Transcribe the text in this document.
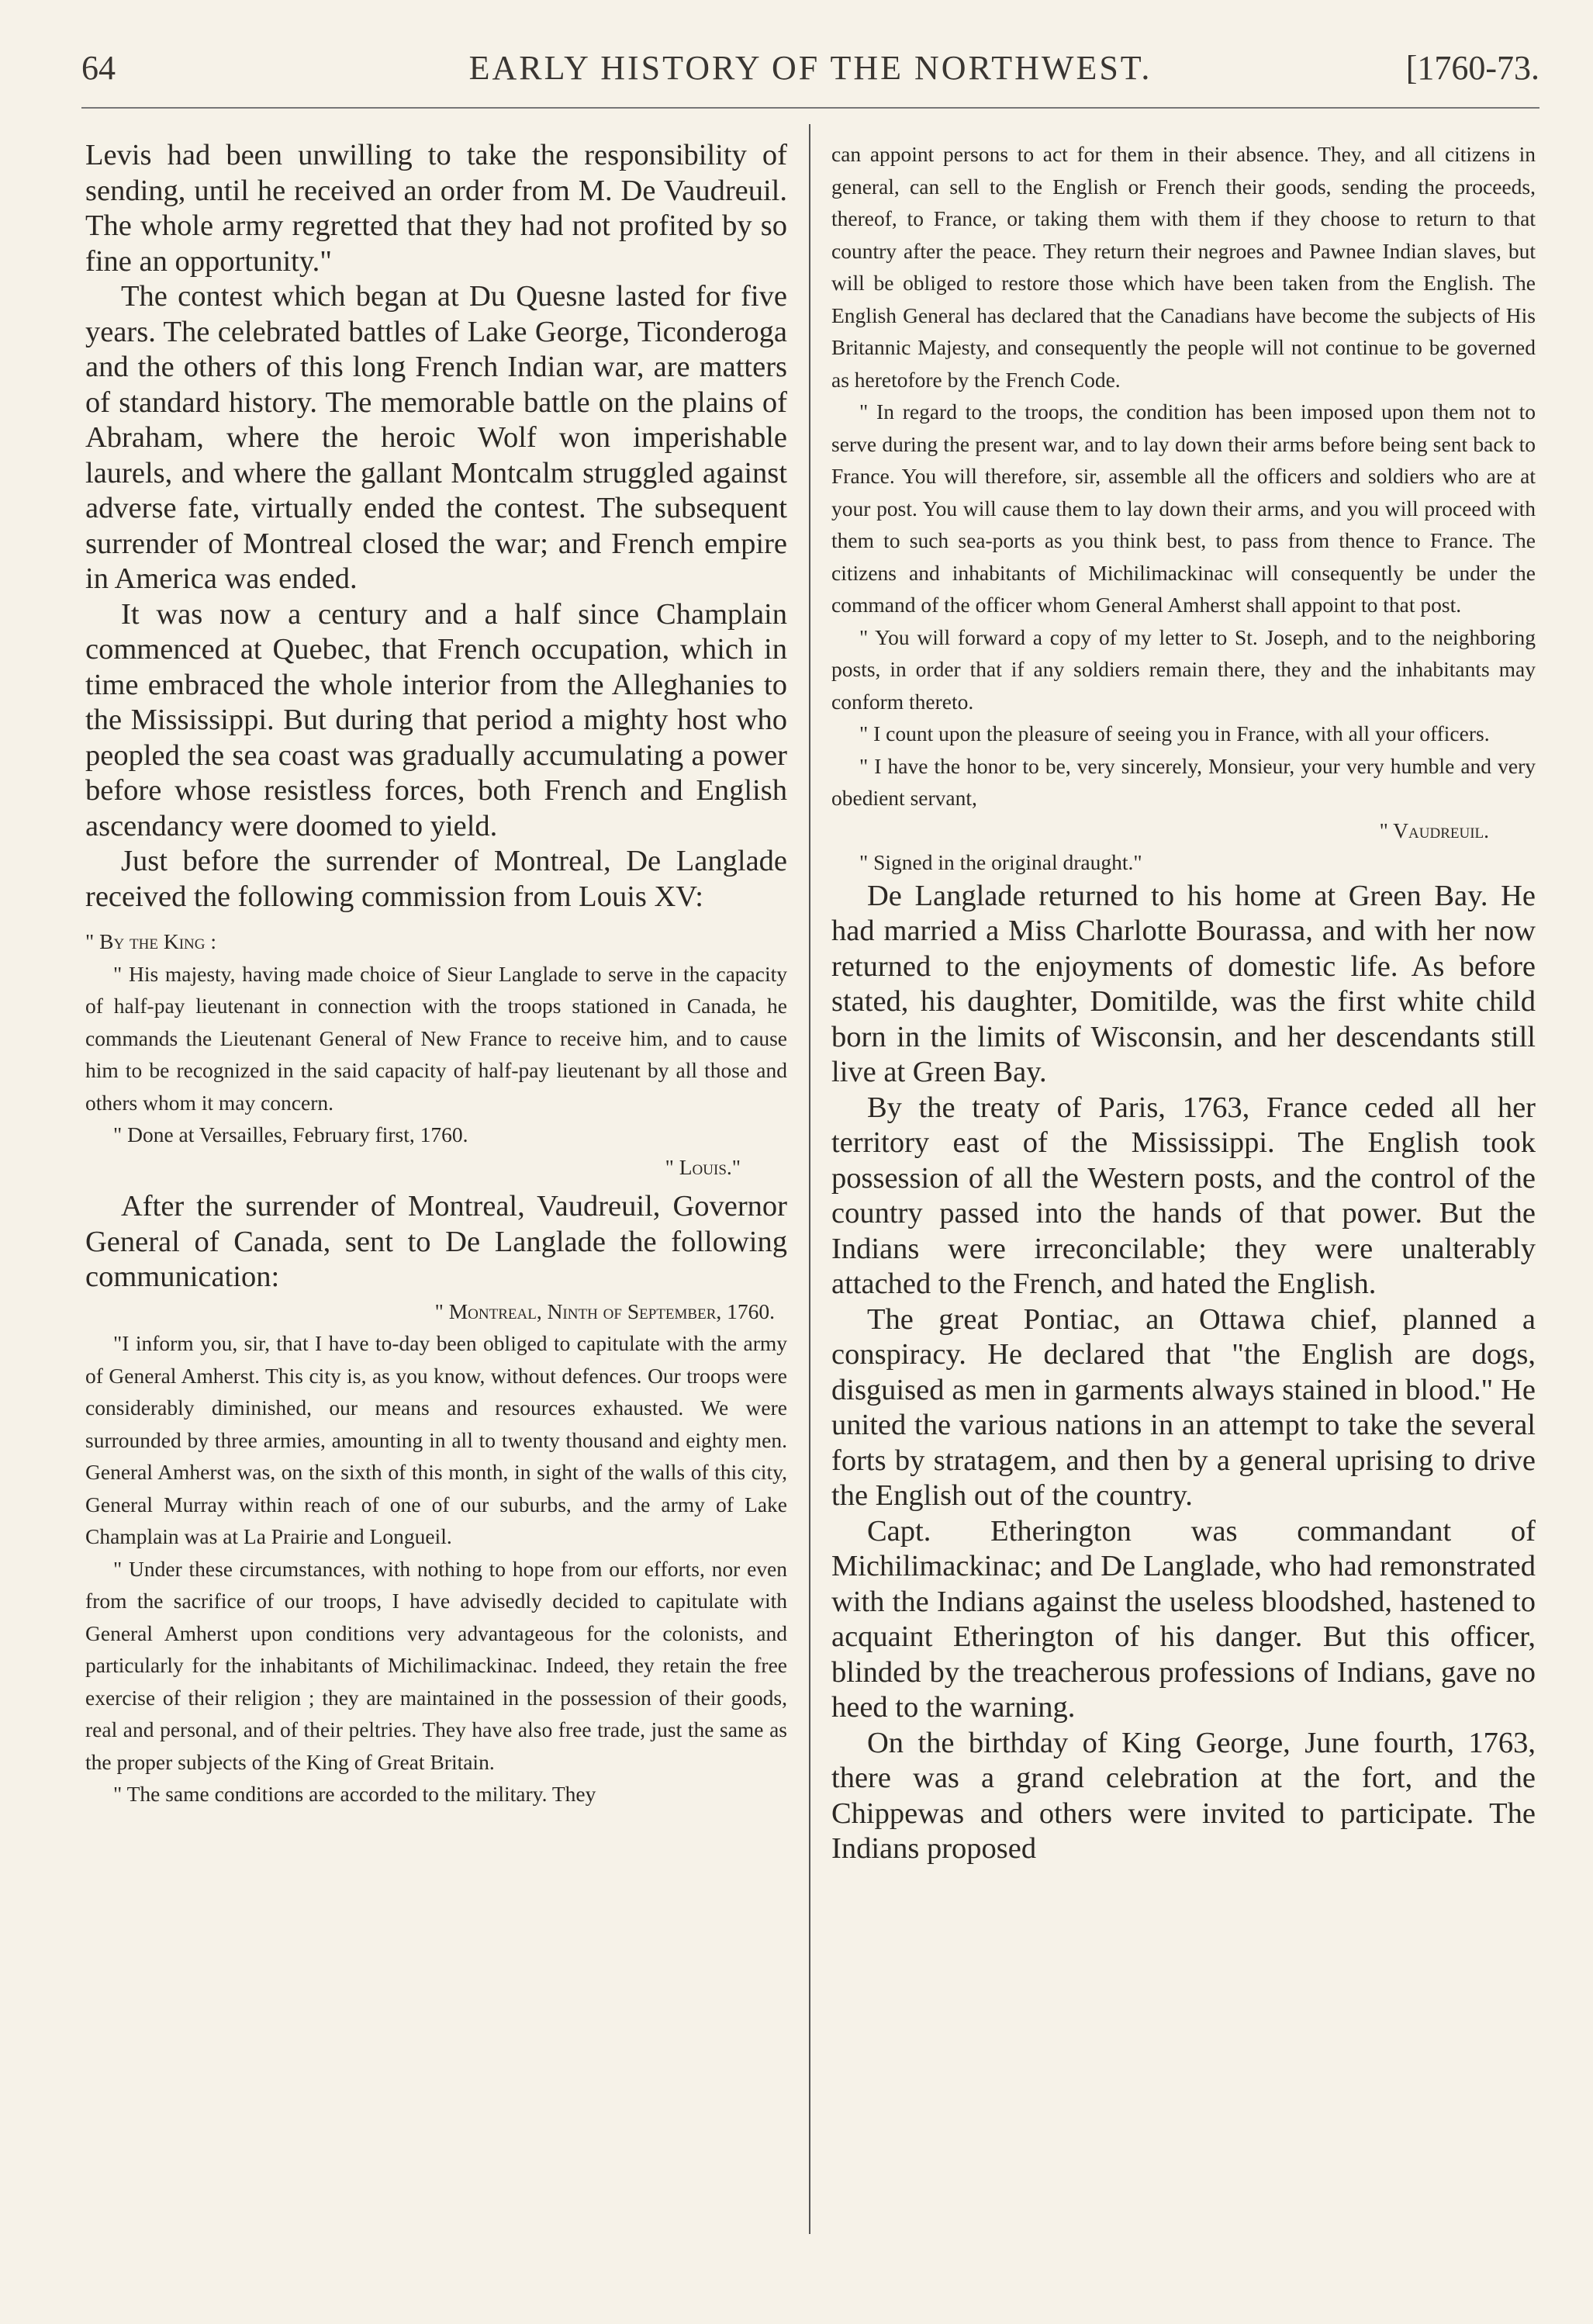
64	EARLY HISTORY OF THE NORTHWEST.	[1760-73.

Levis had been unwilling to take the responsibility of sending, until he received an order from M. De Vaudreuil. The whole army regretted that they had not profited by so fine an opportunity."

The contest which began at Du Quesne lasted for five years. The celebrated battles of Lake George, Ticonderoga and the others of this long French Indian war, are matters of standard history. The memorable battle on the plains of Abraham, where the heroic Wolf won imperishable laurels, and where the gallant Montcalm struggled against adverse fate, virtually ended the contest. The subsequent surrender of Montreal closed the war; and French empire in America was ended.

It was now a century and a half since Champlain commenced at Quebec, that French occupation, which in time embraced the whole interior from the Alleghanies to the Mississippi. But during that period a mighty host who peopled the sea coast was gradually accumulating a power before whose resistless forces, both French and English ascendancy were doomed to yield.

Just before the surrender of Montreal, De Langlade received the following commission from Louis XV:

" By the King :

" His majesty, having made choice of Sieur Langlade to serve in the capacity of half-pay lieutenant in connection with the troops stationed in Canada, he commands the Lieutenant General of New France to receive him, and to cause him to be recognized in the said capacity of half-pay lieutenant by all those and others whom it may concern.

" Done at Versailles, February first, 1760.

" Louis."

After the surrender of Montreal, Vaudreuil, Governor General of Canada, sent to De Langlade the following communication:

" Montreal, Ninth of September, 1760.

"I inform you, sir, that I have to-day been obliged to capitulate with the army of General Amherst. This city is, as you know, without defences. Our troops were considerably diminished, our means and resources exhausted. We were surrounded by three armies, amounting in all to twenty thousand and eighty men. General Amherst was, on the sixth of this month, in sight of the walls of this city, General Murray within reach of one of our suburbs, and the army of Lake Champlain was at La Prairie and Longueil.

" Under these circumstances, with nothing to hope from our efforts, nor even from the sacrifice of our troops, I have advisedly decided to capitulate with General Amherst upon conditions very advantageous for the colonists, and particularly for the inhabitants of Michilimackinac. Indeed, they retain the free exercise of their religion ; they are maintained in the possession of their goods, real and personal, and of their peltries. They have also free trade, just the same as the proper subjects of the King of Great Britain.

" The same conditions are accorded to the military. They

can appoint persons to act for them in their absence. They, and all citizens in general, can sell to the English or French their goods, sending the proceeds, thereof, to France, or taking them with them if they choose to return to that country after the peace. They return their negroes and Pawnee Indian slaves, but will be obliged to restore those which have been taken from the English. The English General has declared that the Canadians have become the subjects of His Britannic Majesty, and consequently the people will not continue to be governed as heretofore by the French Code.

" In regard to the troops, the condition has been imposed upon them not to serve during the present war, and to lay down their arms before being sent back to France. You will therefore, sir, assemble all the officers and soldiers who are at your post. You will cause them to lay down their arms, and you will proceed with them to such sea-ports as you think best, to pass from thence to France. The citizens and inhabitants of Michilimackinac will consequently be under the command of the officer whom General Amherst shall appoint to that post.

" You will forward a copy of my letter to St. Joseph, and to the neighboring posts, in order that if any soldiers remain there, they and the inhabitants may conform thereto.

" I count upon the pleasure of seeing you in France, with all your officers.

" I have the honor to be, very sincerely, Monsieur, your very humble and very obedient servant,

" Vaudreuil.

" Signed in the original draught."

De Langlade returned to his home at Green Bay. He had married a Miss Charlotte Bourassa, and with her now returned to the enjoyments of domestic life. As before stated, his daughter, Domitilde, was the first white child born in the limits of Wisconsin, and her descendants still live at Green Bay.

By the treaty of Paris, 1763, France ceded all her territory east of the Mississippi. The English took possession of all the Western posts, and the control of the country passed into the hands of that power. But the Indians were irreconcilable; they were unalterably attached to the French, and hated the English.

The great Pontiac, an Ottawa chief, planned a conspiracy. He declared that "the English are dogs, disguised as men in garments always stained in blood." He united the various nations in an attempt to take the several forts by stratagem, and then by a general uprising to drive the English out of the country.

Capt. Etherington was commandant of Michilimackinac; and De Langlade, who had remonstrated with the Indians against the useless bloodshed, hastened to acquaint Etherington of his danger. But this officer, blinded by the treacherous professions of Indians, gave no heed to the warning.

On the birthday of King George, June fourth, 1763, there was a grand celebration at the fort, and the Chippewas and others were invited to participate. The Indians proposed
